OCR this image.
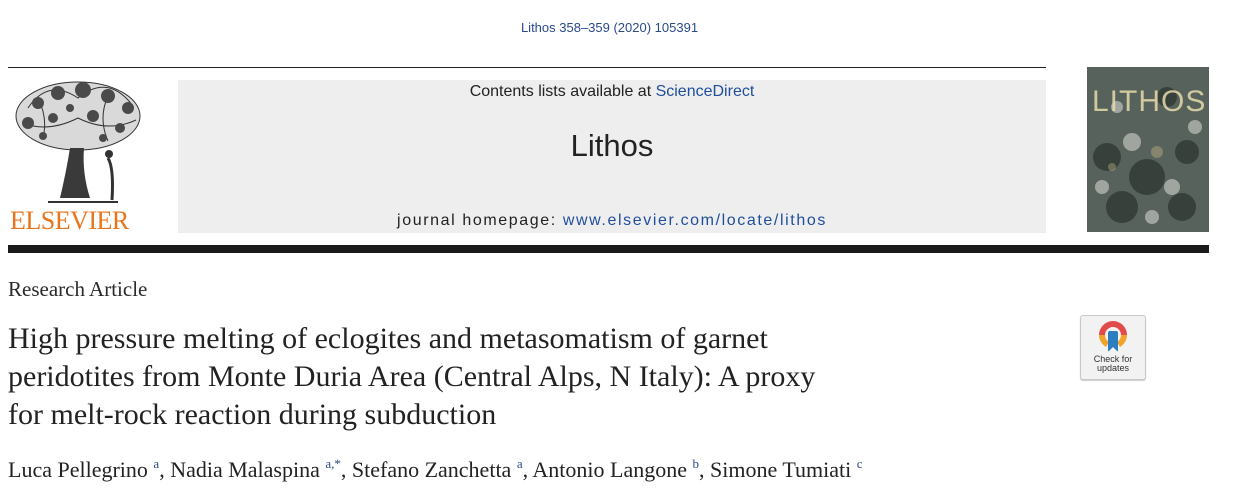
Lithos 358–359 (2020) 105391
ELSEVIER
Contents lists available at ScienceDirect
Lithos
journal homepage: www.elsevier.com/locate/lithos
LITHOS
Research Article
High pressure melting of eclogites and metasomatism of garnet
peridotites from Monte Duria Area (Central Alps, N Italy): A proxy
for melt-rock reaction during subduction
Check for
updates
Luca Pellegrino $^a$, Nadia Malaspina $^{a,*}$, Stefano Zanchetta $^a$, Antonio Langone $^b$, Simone Tumiati $^c$
